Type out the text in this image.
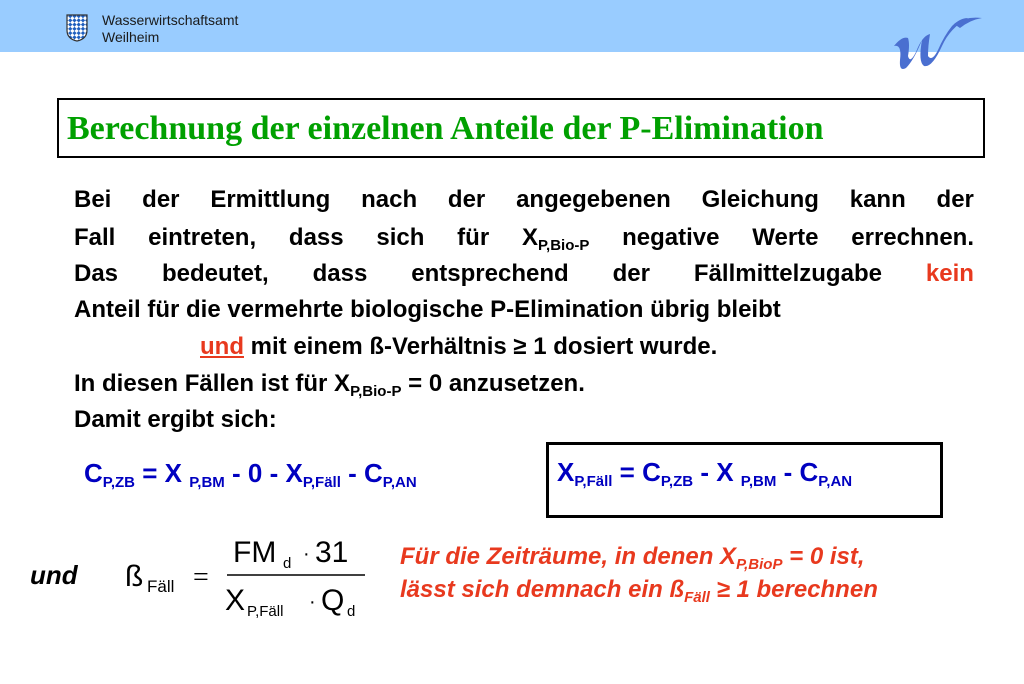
Wasserwirtschaftsamt
Weilheim
Berechnung der einzelnen Anteile der P-Elimination
Bei der Ermittlung nach der angegebenen Gleichung kann der
Fall eintreten, dass sich für $X_{P,Bio-P}$ negative Werte errechnen.
Das bedeutet, dass entsprechend der Fällmittelzugabe kein
Anteil für die vermehrte biologische P-Elimination übrig bleibt
und mit einem ß-Verhältnis ≥ 1 dosiert wurde.
In diesen Fällen ist für $X_{P,Bio-P} = 0$ anzusetzen.
Damit ergibt sich:
$C_{P,ZB} = X$ $_{P,BM} - 0 - X_{P,Fäll} - C_{P,AN}$	$X_{P,Fäll} = C_{P,ZB} - X$ $_{P,BM} - C_{P,AN}$
und ß Fäll =
FM d · 31
X P,Fäll · Q d
Für die Zeiträume, in denen $X_{P,BioP} = 0$ ist,
lässt sich demnach ein $ß_{Fäll} \ge 1$ berechnen
